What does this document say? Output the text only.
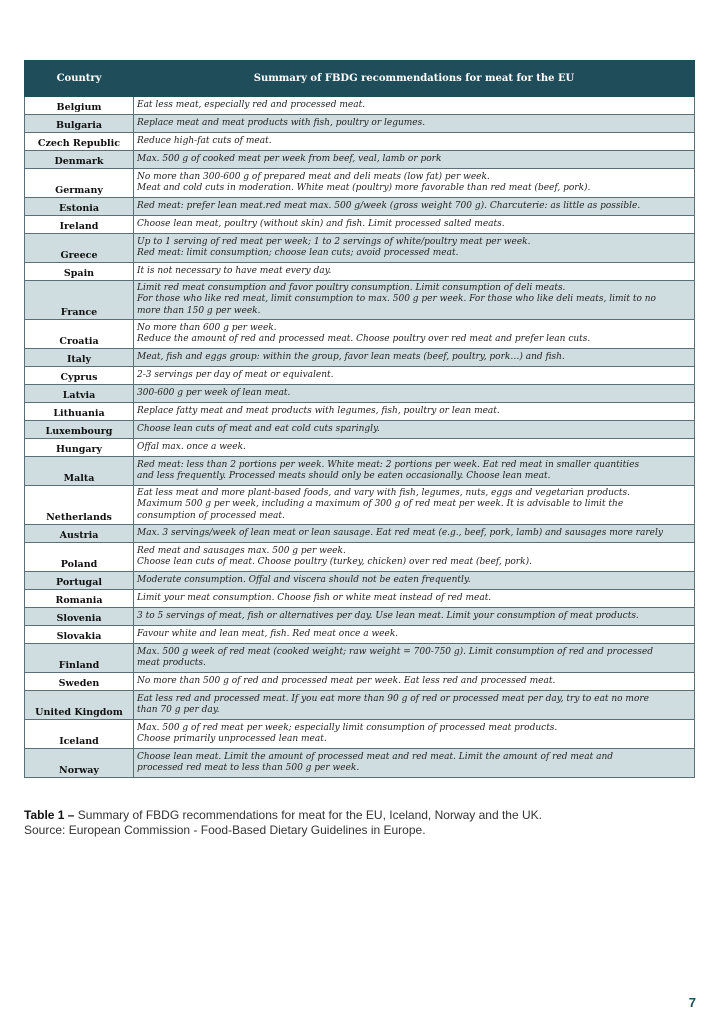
Country	Summary of FBDG recommendations for meat for the EU
Belgium	Eat less meat, especially red and processed meat.

Bulgaria	Replace meat and meat products with fish, poultry or legumes.

Czech Republic	Reduce high-fat cuts of meat.

Denmark	Max. 500 g of cooked meat per week from beef, veal, lamb or pork

Germany	No more than 300-600 g of prepared meat and deli meats (low fat) per week.
Meat and cold cuts in moderation. White meat (poultry) more favorable than red meat (beef, pork).

Estonia	Red meat: prefer lean meat.red meat max. 500 g/week (gross weight 700 g). Charcuterie: as little as possible.

Ireland	Choose lean meat, poultry (without skin) and fish. Limit processed salted meats.

Greece	Up to 1 serving of red meat per week; 1 to 2 servings of white/poultry meat per week.
Red meat: limit consumption; choose lean cuts; avoid processed meat.

Spain	It is not necessary to have meat every day.

France	Limit red meat consumption and favor poultry consumption. Limit consumption of deli meats.
For those who like red meat, limit consumption to max. 500 g per week. For those who like deli meats, limit to no
more than 150 g per week.

Croatia	No more than 600 g per week.
Reduce the amount of red and processed meat. Choose poultry over red meat and prefer lean cuts.

Italy	Meat, fish and eggs group: within the group, favor lean meats (beef, poultry, pork…) and fish.

Cyprus	2-3 servings per day of meat or equivalent.

Latvia	300-600 g per week of lean meat.

Lithuania	Replace fatty meat and meat products with legumes, fish, poultry or lean meat.

Luxembourg	Choose lean cuts of meat and eat cold cuts sparingly.

Hungary	Offal max. once a week.

Malta	Red meat: less than 2 portions per week. White meat: 2 portions per week. Eat red meat in smaller quantities
and less frequently. Processed meats should only be eaten occasionally. Choose lean meat.

Netherlands	Eat less meat and more plant-based foods, and vary with fish, legumes, nuts, eggs and vegetarian products.
Maximum 500 g per week, including a maximum of 300 g of red meat per week. It is advisable to limit the
consumption of processed meat.

Austria	Max. 3 servings/week of lean meat or lean sausage. Eat red meat (e.g., beef, pork, lamb) and sausages more rarely

Poland	Red meat and sausages max. 500 g per week.
Choose lean cuts of meat. Choose poultry (turkey, chicken) over red meat (beef, pork).

Portugal	Moderate consumption. Offal and viscera should not be eaten frequently.

Romania	Limit your meat consumption. Choose fish or white meat instead of red meat.

Slovenia	3 to 5 servings of meat, fish or alternatives per day. Use lean meat. Limit your consumption of meat products.

Slovakia	Favour white and lean meat, fish. Red meat once a week.

Finland	Max. 500 g week of red meat (cooked weight; raw weight = 700-750 g). Limit consumption of red and processed
meat products.

Sweden	No more than 500 g of red and processed meat per week. Eat less red and processed meat.

United Kingdom	Eat less red and processed meat. If you eat more than 90 g of red or processed meat per day, try to eat no more
than 70 g per day.

Iceland	Max. 500 g of red meat per week; especially limit consumption of processed meat products.
Choose primarily unprocessed lean meat.

Norway	Choose lean meat. Limit the amount of processed meat and red meat. Limit the amount of red meat and
processed red meat to less than 500 g per week.
Table 1 – Summary of FBDG recommendations for meat for the EU, Iceland, Norway and the UK.
Source: European Commission - Food-Based Dietary Guidelines in Europe.
7
